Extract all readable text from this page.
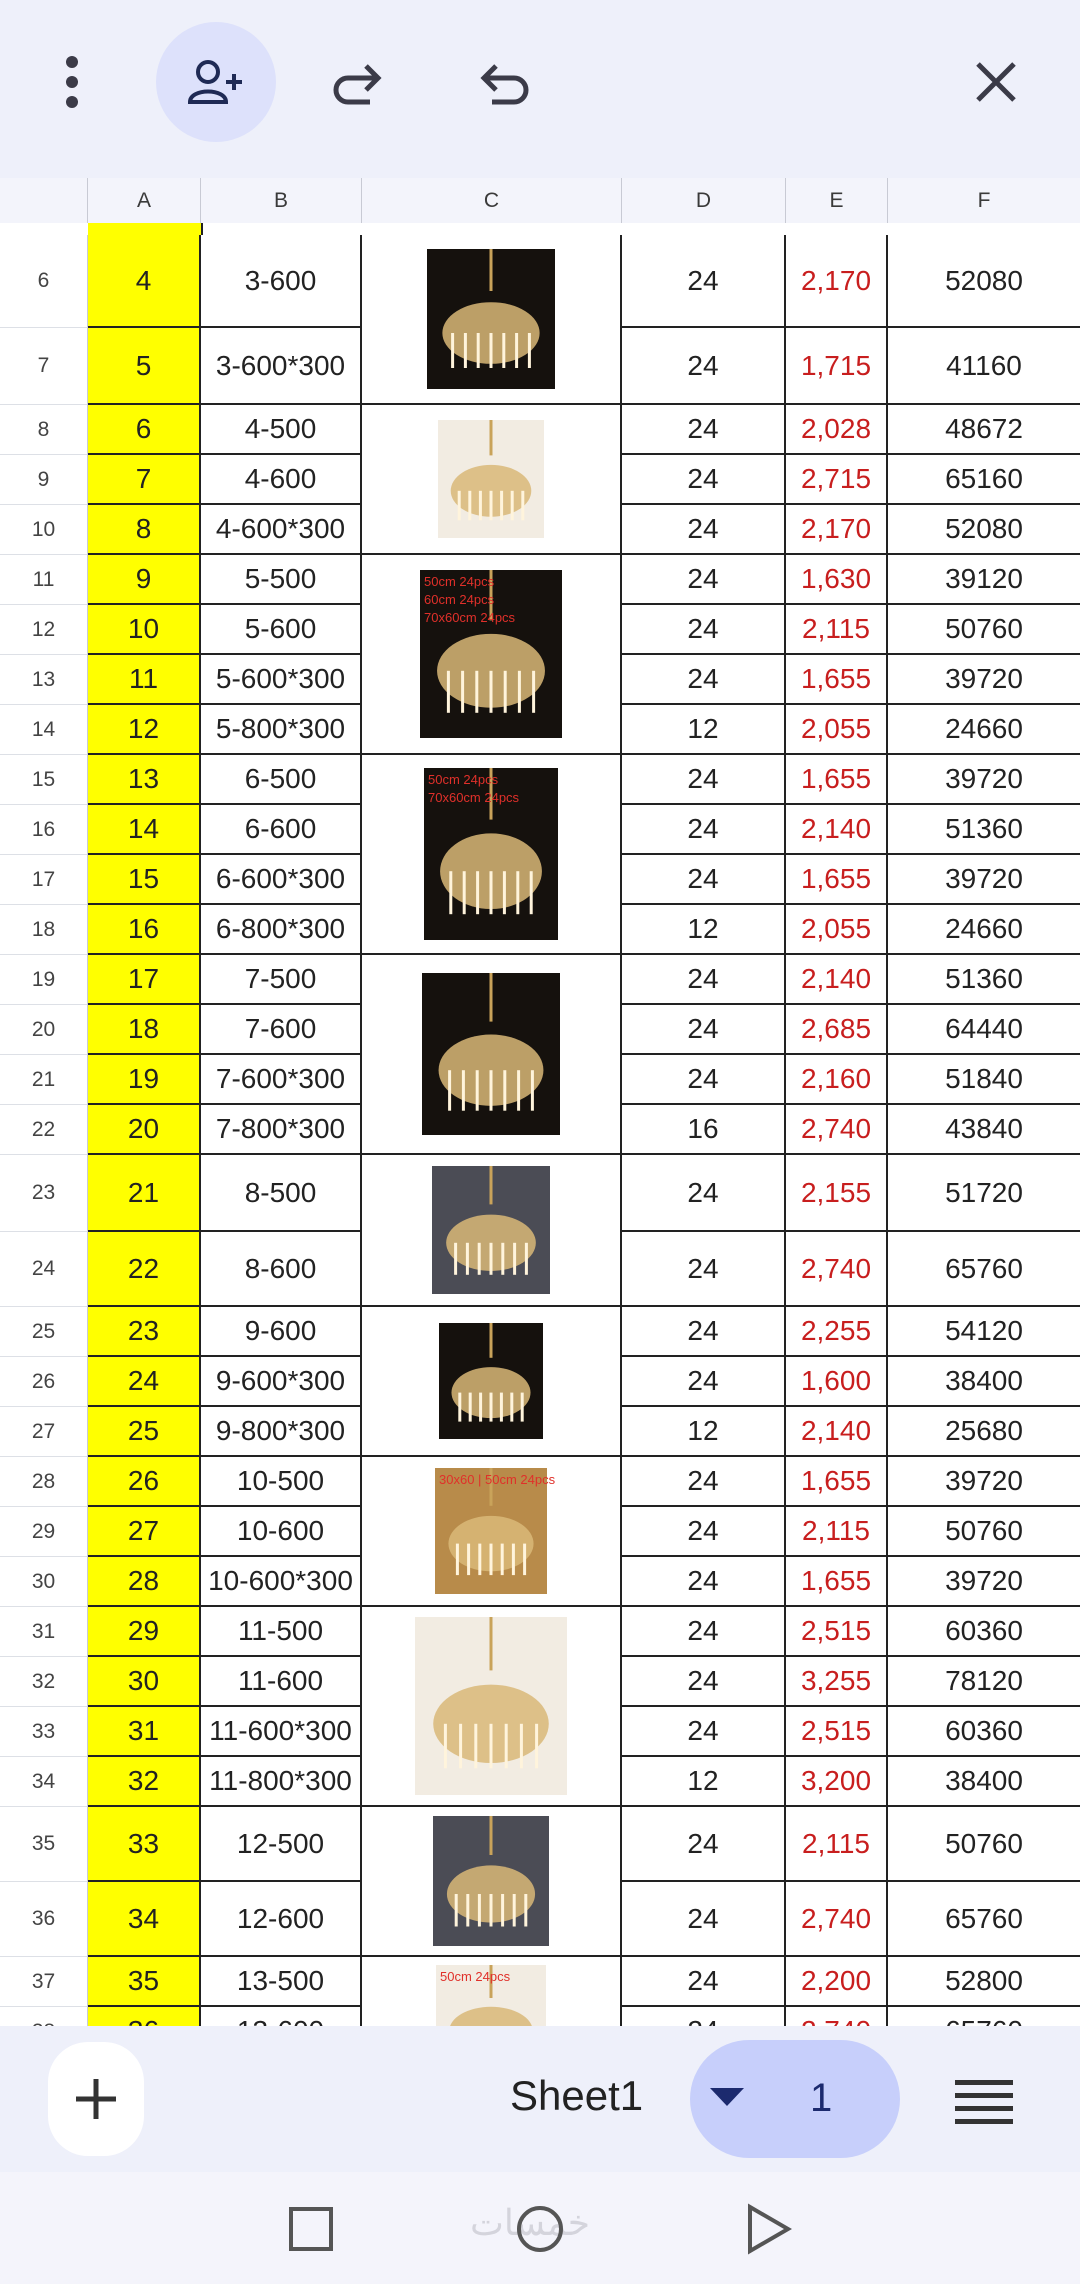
A	B	C	D	E	F
6	4	3-600	24	2,170	52080
7	5	3-600*300	24	1,715	41160
8	6	4-500	24	2,028	48672
9	7	4-600	24	2,715	65160
10	8	4-600*300	24	2,170	52080
11	9	5-500	24	1,630	39120
12	10	5-600	24	2,115	50760
13	11	5-600*300	24	1,655	39720
14	12	5-800*300	12	2,055	24660
15	13	6-500	24	1,655	39720
16	14	6-600	24	2,140	51360
17	15	6-600*300	24	1,655	39720
18	16	6-800*300	12	2,055	24660
19	17	7-500	24	2,140	51360
20	18	7-600	24	2,685	64440
21	19	7-600*300	24	2,160	51840
22	20	7-800*300	16	2,740	43840
23	21	8-500	24	2,155	51720
24	22	8-600	24	2,740	65760
25	23	9-600	24	2,255	54120
26	24	9-600*300	24	1,600	38400
27	25	9-800*300	12	2,140	25680
28	26	10-500	24	1,655	39720
29	27	10-600	24	2,115	50760
30	28	10-600*300	24	1,655	39720
31	29	11-500	24	2,515	60360
32	30	11-600	24	3,255	78120
33	31	11-600*300	24	2,515	60360
34	32	11-800*300	12	3,200	38400
35	33	12-500	24	2,115	50760
36	34	12-600	24	2,740	65760
37	35	13-500	24	2,200	52800
50cm 24pcs
60cm 24pcs
70x60cm 24pcs
50cm 24pcs
70x60cm 24pcs
30x60 | 50cm 24pcs
50cm 24pcs
Sheet1	1
خمسات
